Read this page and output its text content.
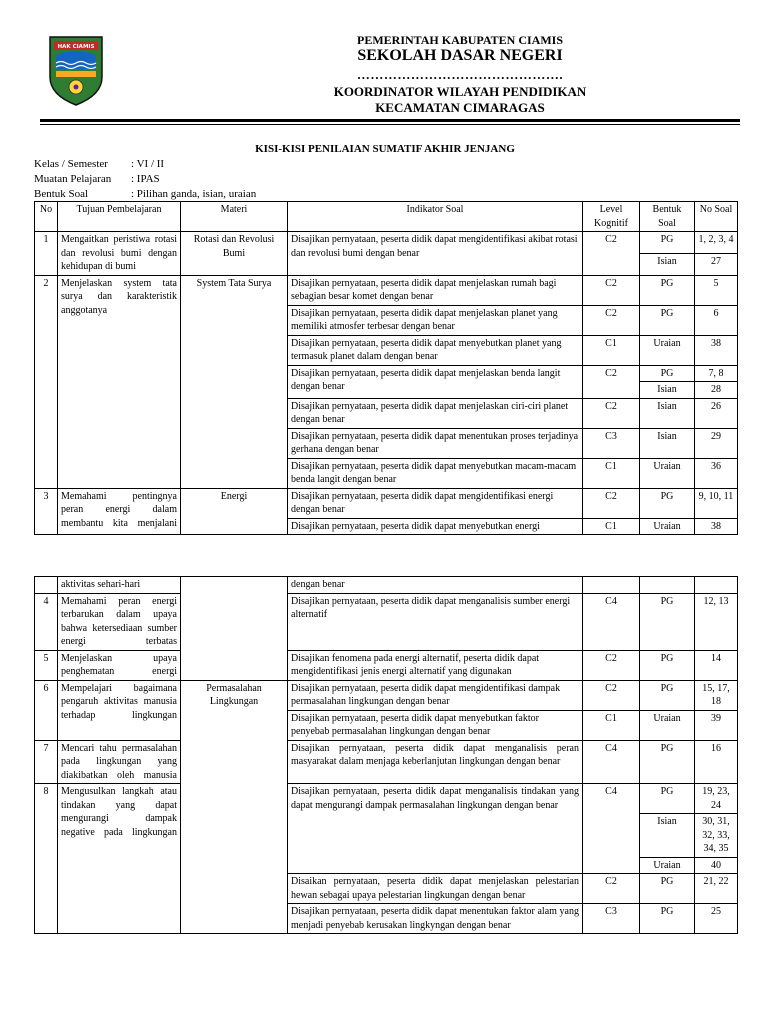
HAK CIAMIS	PEMERINTAH KABUPATEN CIAMIS
SEKOLAH DASAR NEGERI
……………………………………….
KOORDINATOR WILAYAH PENDIDIKAN
KECAMATAN CIMARAGAS
KISI-KISI PENILAIAN SUMATIF AKHIR JENJANG
Kelas / Semester	: VI / II
Muatan Pelajaran	: IPAS
Bentuk Soal	: Pilihan ganda, isian, uraian
No	Tujuan Pembelajaran	Materi	Indikator Soal	Level Kognitif	Bentuk Soal	No Soal
1	Mengaitkan peristiwa rotasi dan revolusi bumi dengan kehidupan di bumi	Rotasi dan Revolusi Bumi	Disajikan pernyataan, peserta didik dapat mengidentifikasi akibat rotasi dan revolusi bumi dengan benar	C2	PG	1, 2, 3, 4
					Isian	27
2	Menjelaskan system tata surya dan karakteristik anggotanya	System Tata Surya	Disajikan pernyataan, peserta didik dapat menjelaskan rumah bagi sebagian besar komet dengan benar	C2	PG	5
			Disajikan pernyataan, peserta didik dapat menjelaskan planet yang memiliki atmosfer terbesar dengan benar	C2	PG	6
			Disajikan pernyataan, peserta didik dapat menyebutkan planet yang termasuk planet dalam dengan benar	C1	Uraian	38
			Disajikan pernyataan, peserta didik dapat menjelaskan benda langit dengan benar	C2	PG	7, 8
					Isian	28
			Disajikan pernyataan, peserta didik dapat menjelaskan ciri-ciri planet dengan benar	C2	Isian	26
			Disajikan pernyataan, peserta didik dapat menentukan proses terjadinya gerhana dengan benar	C3	Isian	29
			Disajikan pernyataan, peserta didik dapat menyebutkan macam-macam benda langit dengan benar	C1	Uraian	36
3	Memahami pentingnya peran energi dalam membantu kita menjalani	Energi	Disajikan pernyataan, peserta didik dapat mengidentifikasi energi dengan benar	C2	PG	9, 10, 11
			Disajikan pernyataan, peserta didik dapat menyebutkan energi	C1	Uraian	38
	aktivitas sehari-hari		dengan benar			
4	Memahami peran energi terbarukan dalam upaya bahwa ketersediaan sumber energi terbatas		Disajikan pernyataan, peserta didik dapat menganalisis sumber energi alternatif	C4	PG	12, 13
5	Menjelaskan upaya penghematan energi		Disajikan fenomena pada energi alternatif, peserta didik dapat mengidentifikasi jenis energi alternatif yang digunakan	C2	PG	14
6	Mempelajari bagaimana pengaruh aktivitas manusia terhadap lingkungan	Permasalahan Lingkungan	Disajikan pernyataan, peserta didik dapat mengidentifikasi dampak permasalahan lingkungan dengan benar	C2	PG	15, 17, 18
			Disajikan pernyataan, peserta didik dapat menyebutkan faktor penyebab permasalahan lingkungan dengan benar	C1	Uraian	39
7	Mencari tahu permasalahan pada lingkungan yang diakibatkan oleh manusia		Disajikan pernyataan, peserta didik dapat menganalisis peran masyarakat dalam menjaga keberlanjutan lingkungan dengan benar	C4	PG	16
8	Mengusulkan langkah atau tindakan yang dapat mengurangi dampak negative pada lingkungan		Disajikan pernyataan, peserta didik dapat menganalisis tindakan yang dapat mengurangi dampak permasalahan lingkungan dengan benar	C4	PG	19, 23, 24
					Isian	30, 31, 32, 33, 34, 35
					Uraian	40
			Disaikan pernyataan, peserta didik dapat menjelaskan pelestarian hewan sebagai upaya pelestarian lingkungan dengan benar	C2	PG	21, 22
			Disajikan pernyataan, peserta didik dapat menentukan faktor alam yang menjadi penyebab kerusakan lingkyngan dengan benar	C3	PG	25
